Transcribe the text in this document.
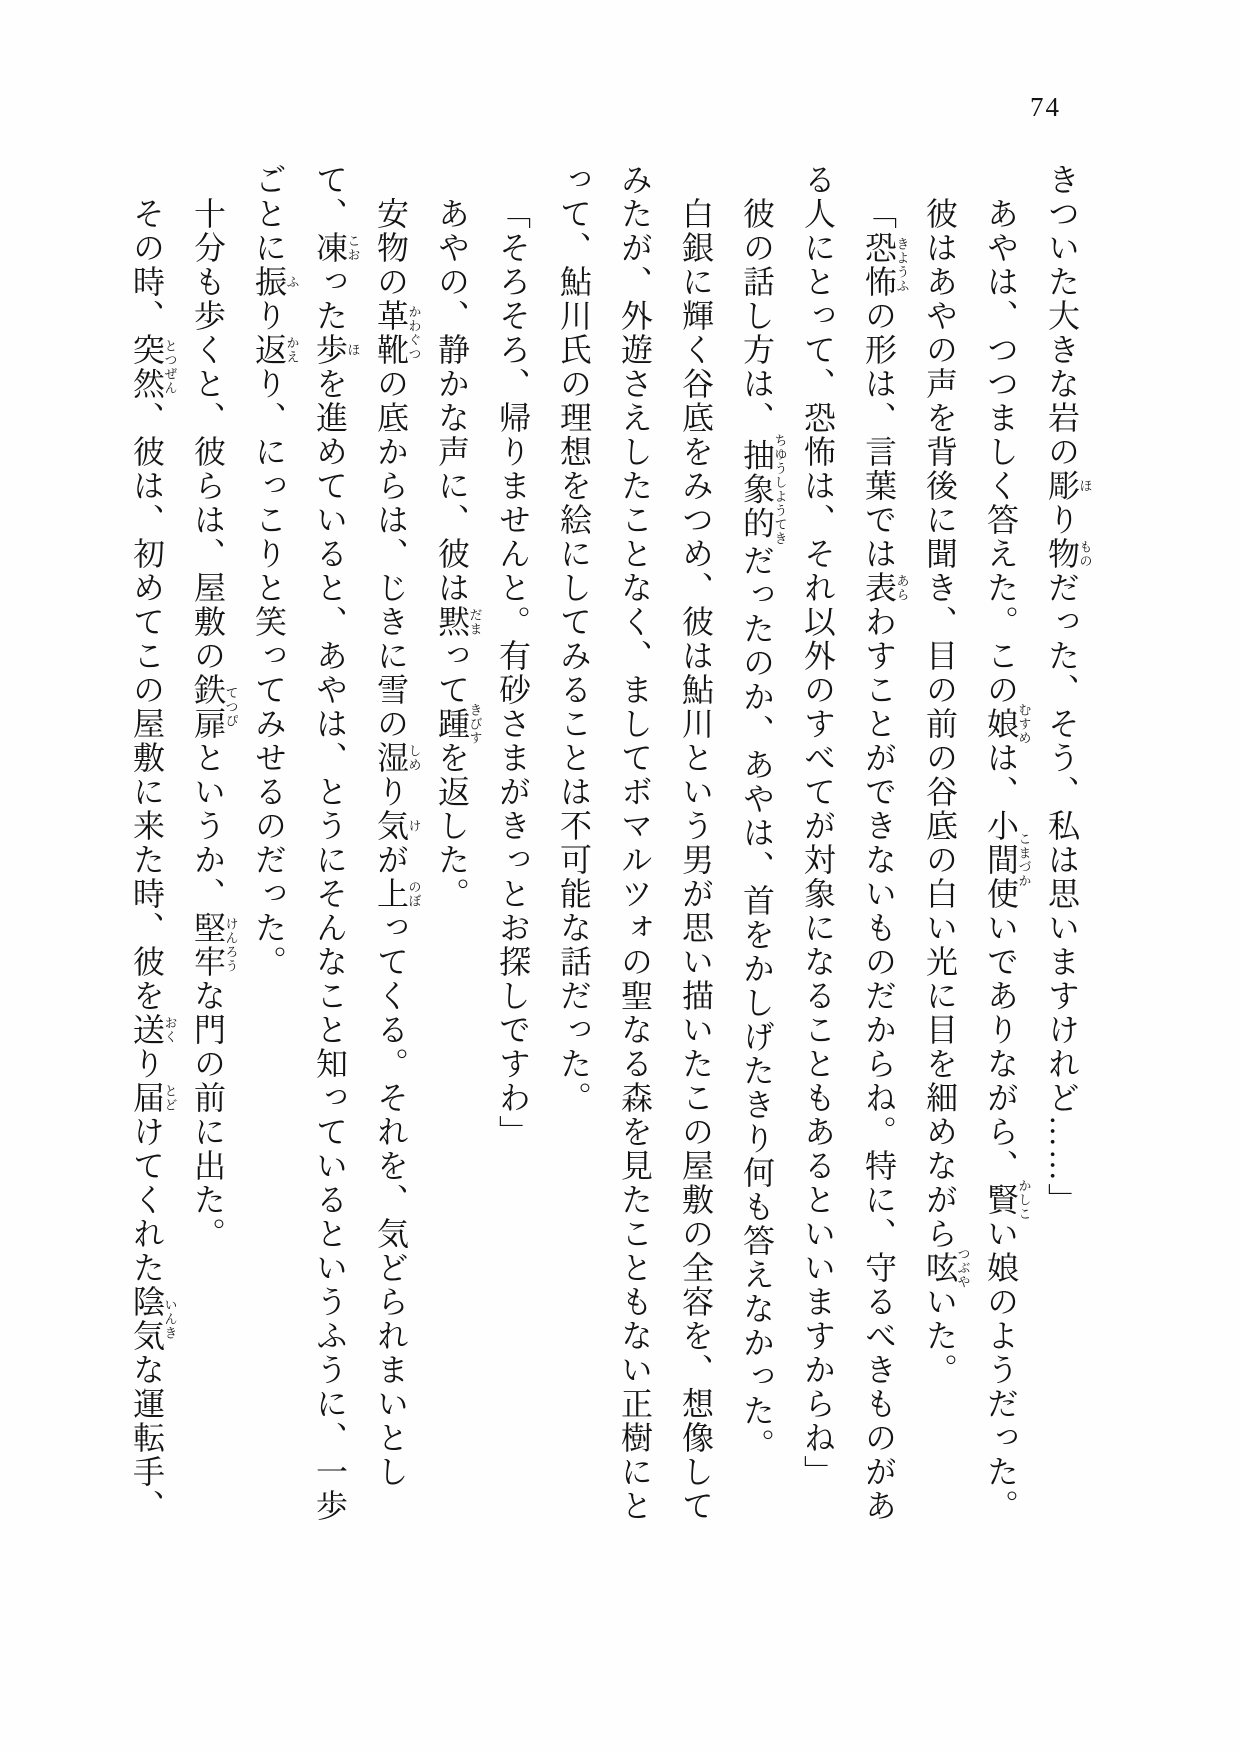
74

きついた大きな岩の彫ほり物ものだった、そう、私は思いますけれど……」

あやは、つつましく答えた。この娘むすめは、小間使こまづかいでありながら、賢かしこい娘のようだった。

彼はあやの声を背後に聞き、目の前の谷底の白い光に目を細めながら呟つぶやいた。

「恐怖きようふの形は、言葉では表あらわすことができないものだからね。特に、守るべきものがある人にとって、恐怖は、それ以外のすべてが対象になることもあるといいますからね」

彼の話し方は、抽象的ちゆうしようてきだったのか、あやは、首をかしげたきり何も答えなかった。

白銀に輝く谷底をみつめ、彼は鮎川という男が思い描いたこの屋敷の全容を、想像してみたが、外遊さえしたことなく、ましてボマルツォの聖なる森を見たこともない正樹にとって、鮎川氏の理想を絵にしてみることは不可能な話だった。

「そろそろ、帰りませんと。有砂さまがきっとお探しですわ」

あやの、静かな声に、彼は黙だまって踵きびすを返した。

安物の革靴かわぐつの底からは、じきに雪の湿しめり気けが上のぼってくる。それを、気どられまいとして、凍こおった歩ほを進めていると、あやは、とうにそんなこと知っているというふうに、一歩ごとに振ふり返かえり、にっこりと笑ってみせるのだった。

十分も歩くと、彼らは、屋敷の鉄扉てつぴというか、堅牢けんろうな門の前に出た。

その時、突然とつぜん、彼は、初めてこの屋敷に来た時、彼を送おくり届とどけてくれた陰気いんきな運転手、
